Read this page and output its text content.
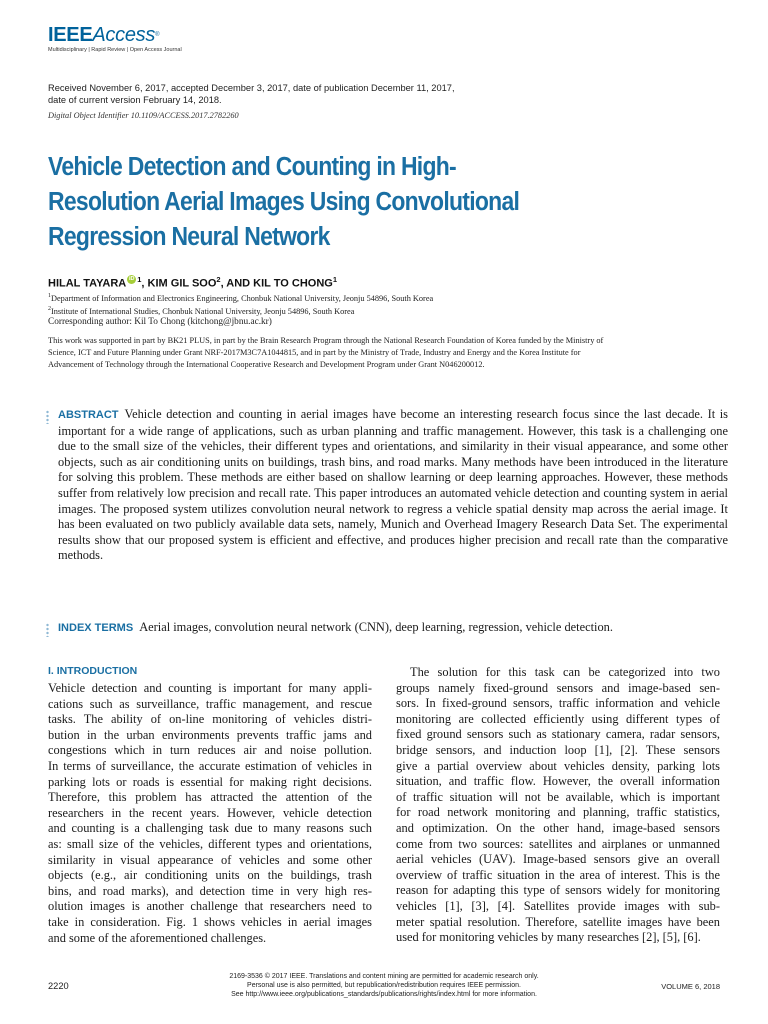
IEEEAccess®
Multidisciplinary | Rapid Review | Open Access Journal
Received November 6, 2017, accepted December 3, 2017, date of publication December 11, 2017,
date of current version February 14, 2018.
Digital Object Identifier 10.1109/ACCESS.2017.2782260
Vehicle Detection and Counting in High-Resolution Aerial Images Using Convolutional Regression Neural Network
HILAL TAYARA iD $^1$, KIM GIL SOO$^2$, AND KIL TO CHONG$^1$
$^1$Department of Information and Electronics Engineering, Chonbuk National University, Jeonju 54896, South Korea
$^2$Institute of International Studies, Chonbuk National University, Jeonju 54896, South Korea
Corresponding author: Kil To Chong (kitchong@jbnu.ac.kr)
This work was supported in part by BK21 PLUS, in part by the Brain Research Program through the National Research Foundation of Korea funded by the Ministry of Science, ICT and Future Planning under Grant NRF-2017M3C7A1044815, and in part by the Ministry of Trade, Industry and Energy and the Korea Institute for Advancement of Technology through the International Cooperative Research and Development Program under Grant N046200012.
ABSTRACT Vehicle detection and counting in aerial images have become an interesting research focus since the last decade. It is important for a wide range of applications, such as urban planning and traffic management. However, this task is a challenging one due to the small size of the vehicles, their different types and orientations, and similarity in their visual appearance, and some other objects, such as air conditioning units on buildings, trash bins, and road marks. Many methods have been introduced in the literature for solving this problem. These methods are either based on shallow learning or deep learning approaches. However, these methods suffer from relatively low precision and recall rate. This paper introduces an automated vehicle detection and counting system in aerial images. The proposed system utilizes convolution neural network to regress a vehicle spatial density map across the aerial image. It has been evaluated on two publicly available data sets, namely, Munich and Overhead Imagery Research Data Set. The experimental results show that our proposed system is efficient and effective, and produces higher precision and recall rate than the comparative methods.
INDEX TERMS Aerial images, convolution neural network (CNN), deep learning, regression, vehicle detection.
I. INTRODUCTION
Vehicle detection and counting is important for many appli-
cations such as surveillance, traffic management, and rescue
tasks. The ability of on-line monitoring of vehicles distri-
bution in the urban environments prevents traffic jams and
congestions which in turn reduces air and noise pollution.
In terms of surveillance, the accurate estimation of vehicles in
parking lots or roads is essential for making right decisions.
Therefore, this problem has attracted the attention of the
researchers in the recent years. However, vehicle detection
and counting is a challenging task due to many reasons such
as: small size of the vehicles, different types and orientations,
similarity in visual appearance of vehicles and some other
objects (e.g., air conditioning units on the buildings, trash
bins, and road marks), and detection time in very high res-
olution images is another challenge that researchers need to
take in consideration. Fig. 1 shows vehicles in aerial images
and some of the aforementioned challenges.
The solution for this task can be categorized into two
groups namely fixed-ground sensors and image-based sen-
sors. In fixed-ground sensors, traffic information and vehicle
monitoring are collected efficiently using different types of
fixed ground sensors such as stationary camera, radar sensors,
bridge sensors, and induction loop [1], [2]. These sensors
give a partial overview about vehicles density, parking lots
situation, and traffic flow. However, the overall information
of traffic situation will not be available, which is important
for road network monitoring and planning, traffic statistics,
and optimization. On the other hand, image-based sensors
come from two sources: satellites and airplanes or unmanned
aerial vehicles (UAV). Image-based sensors give an overall
overview of traffic situation in the area of interest. This is the
reason for adapting this type of sensors widely for monitoring
vehicles [1], [3], [4]. Satellites provide images with sub-
meter spatial resolution. Therefore, satellite images have been
used for monitoring vehicles by many researches [2], [5], [6].
2220
2169-3536 © 2017 IEEE. Translations and content mining are permitted for academic research only.
Personal use is also permitted, but republication/redistribution requires IEEE permission.
See http://www.ieee.org/publications_standards/publications/rights/index.html for more information.
VOLUME 6, 2018
